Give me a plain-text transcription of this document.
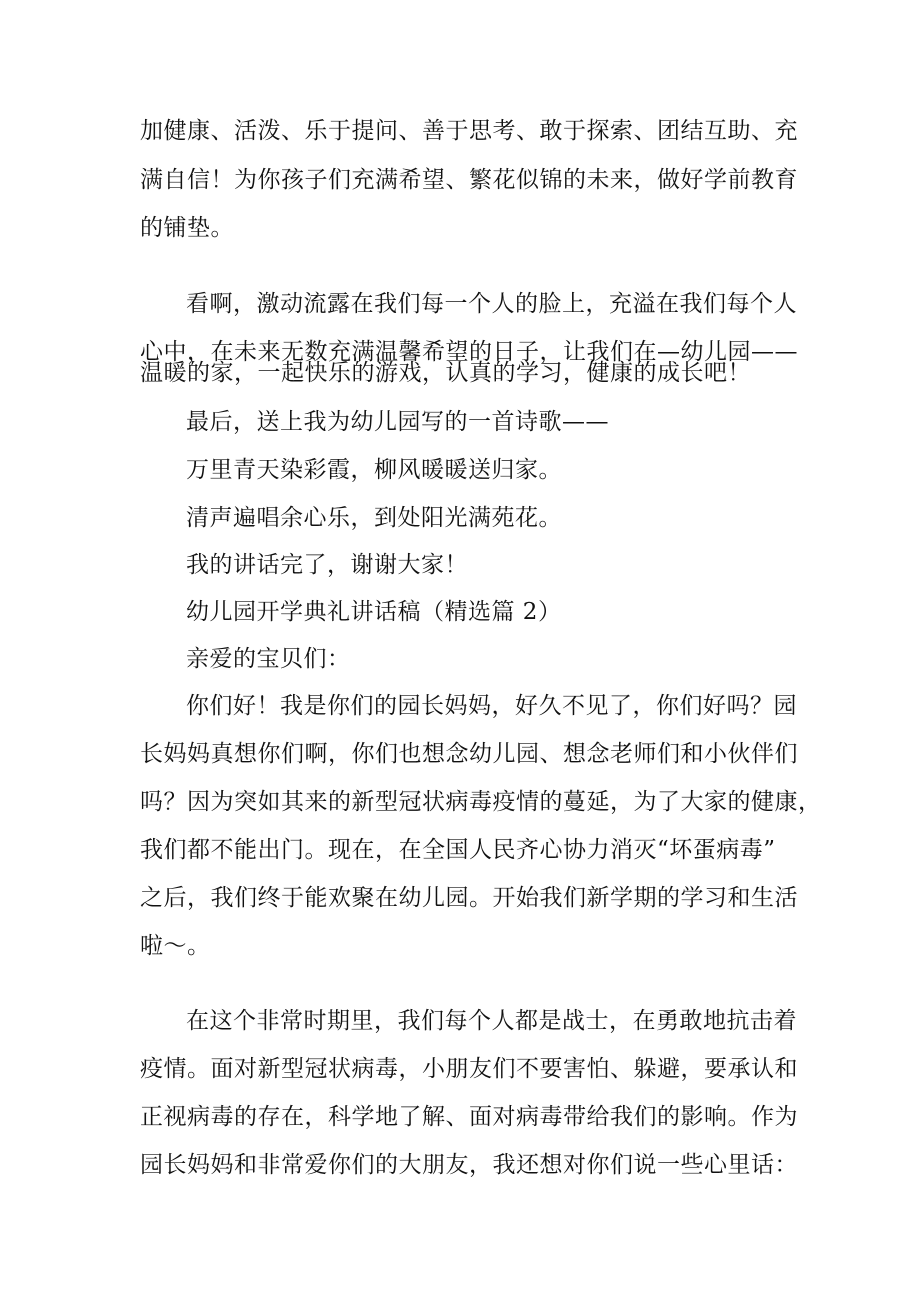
加健康、活泼、乐于提问、善于思考、敢于探索、团结互助、充
满自信！为你孩子们充满希望、繁花似锦的未来，做好学前教育
的铺垫。
看啊，激动流露在我们每一个人的脸上，充溢在我们每个人
心中，在未来无数充满温馨希望的日子，让我们在—幼儿园——
温暖的家，一起快乐的游戏，认真的学习，健康的成长吧！
最后，送上我为幼儿园写的一首诗歌——
万里青天染彩霞，柳风暖暖送归家。
清声遍唱余心乐，到处阳光满苑花。
我的讲话完了，谢谢大家！
幼儿园开学典礼讲话稿（精选篇 2）
亲爱的宝贝们：
你们好！我是你们的园长妈妈，好久不见了，你们好吗？园
长妈妈真想你们啊，你们也想念幼儿园、想念老师们和小伙伴们
吗？因为突如其来的新型冠状病毒疫情的蔓延，为了大家的健康，
我们都不能出门。现在，在全国人民齐心协力消灭“坏蛋病毒”
之后，我们终于能欢聚在幼儿园。开始我们新学期的学习和生活
啦～。
在这个非常时期里，我们每个人都是战士，在勇敢地抗击着
疫情。面对新型冠状病毒，小朋友们不要害怕、躲避，要承认和
正视病毒的存在，科学地了解、面对病毒带给我们的影响。作为
园长妈妈和非常爱你们的大朋友，我还想对你们说一些心里话：
